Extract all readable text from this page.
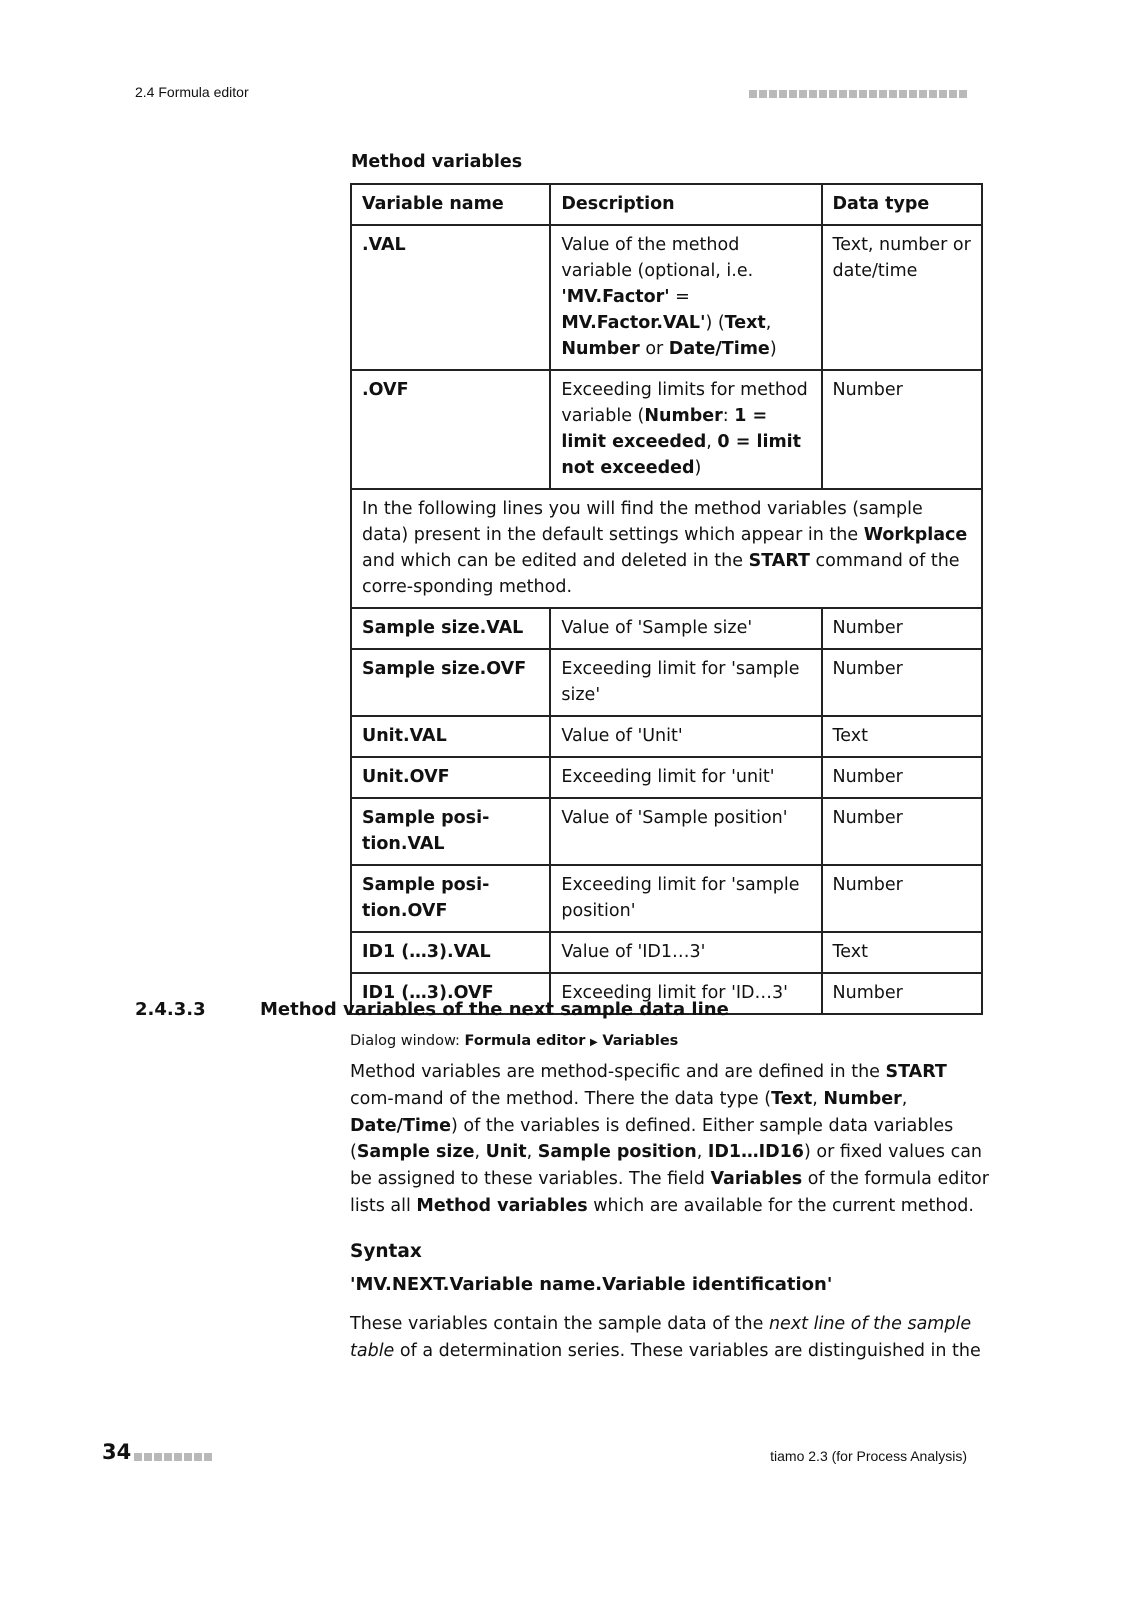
2.4 Formula editor
Method variables
Variable name	Description	Data type
.VAL	Value of the method variable (optional, i.e. 'MV.Factor' = MV.Factor.VAL') (Text, Number or Date/Time)	Text, number or date/time
.OVF	Exceeding limits for method variable (Number: 1 = limit exceeded, 0 = limit not exceeded)	Number
In the following lines you will find the method variables (sample data) present in the default settings which appear in the Workplace and which can be edited and deleted in the START command of the corre-sponding method.		
Sample size.VAL	Value of 'Sample size'	Number
Sample size.OVF	Exceeding limit for 'sample size'	Number
Unit.VAL	Value of 'Unit'	Text
Unit.OVF	Exceeding limit for 'unit'	Number
Sample posi-tion.VAL	Value of 'Sample position'	Number
Sample posi-tion.OVF	Exceeding limit for 'sample position'	Number
ID1 (…3).VAL	Value of 'ID1…3'	Text
ID1 (…3).OVF	Exceeding limit for 'ID…3'	Number
2.4.3.3	Method variables of the next sample data line
Dialog window: Formula editor ▶ Variables
Method variables are method-specific and are defined in the START com-mand of the method. There the data type (Text, Number, Date/Time) of the variables is defined. Either sample data variables (Sample size, Unit, Sample position, ID1…ID16) or fixed values can be assigned to these variables. The field Variables of the formula editor lists all Method variables which are available for the current method.
Syntax
'MV.NEXT.Variable name.Variable identification'
These variables contain the sample data of the next line of the sample table of a determination series. These variables are distinguished in the
34	tiamo 2.3 (for Process Analysis)
